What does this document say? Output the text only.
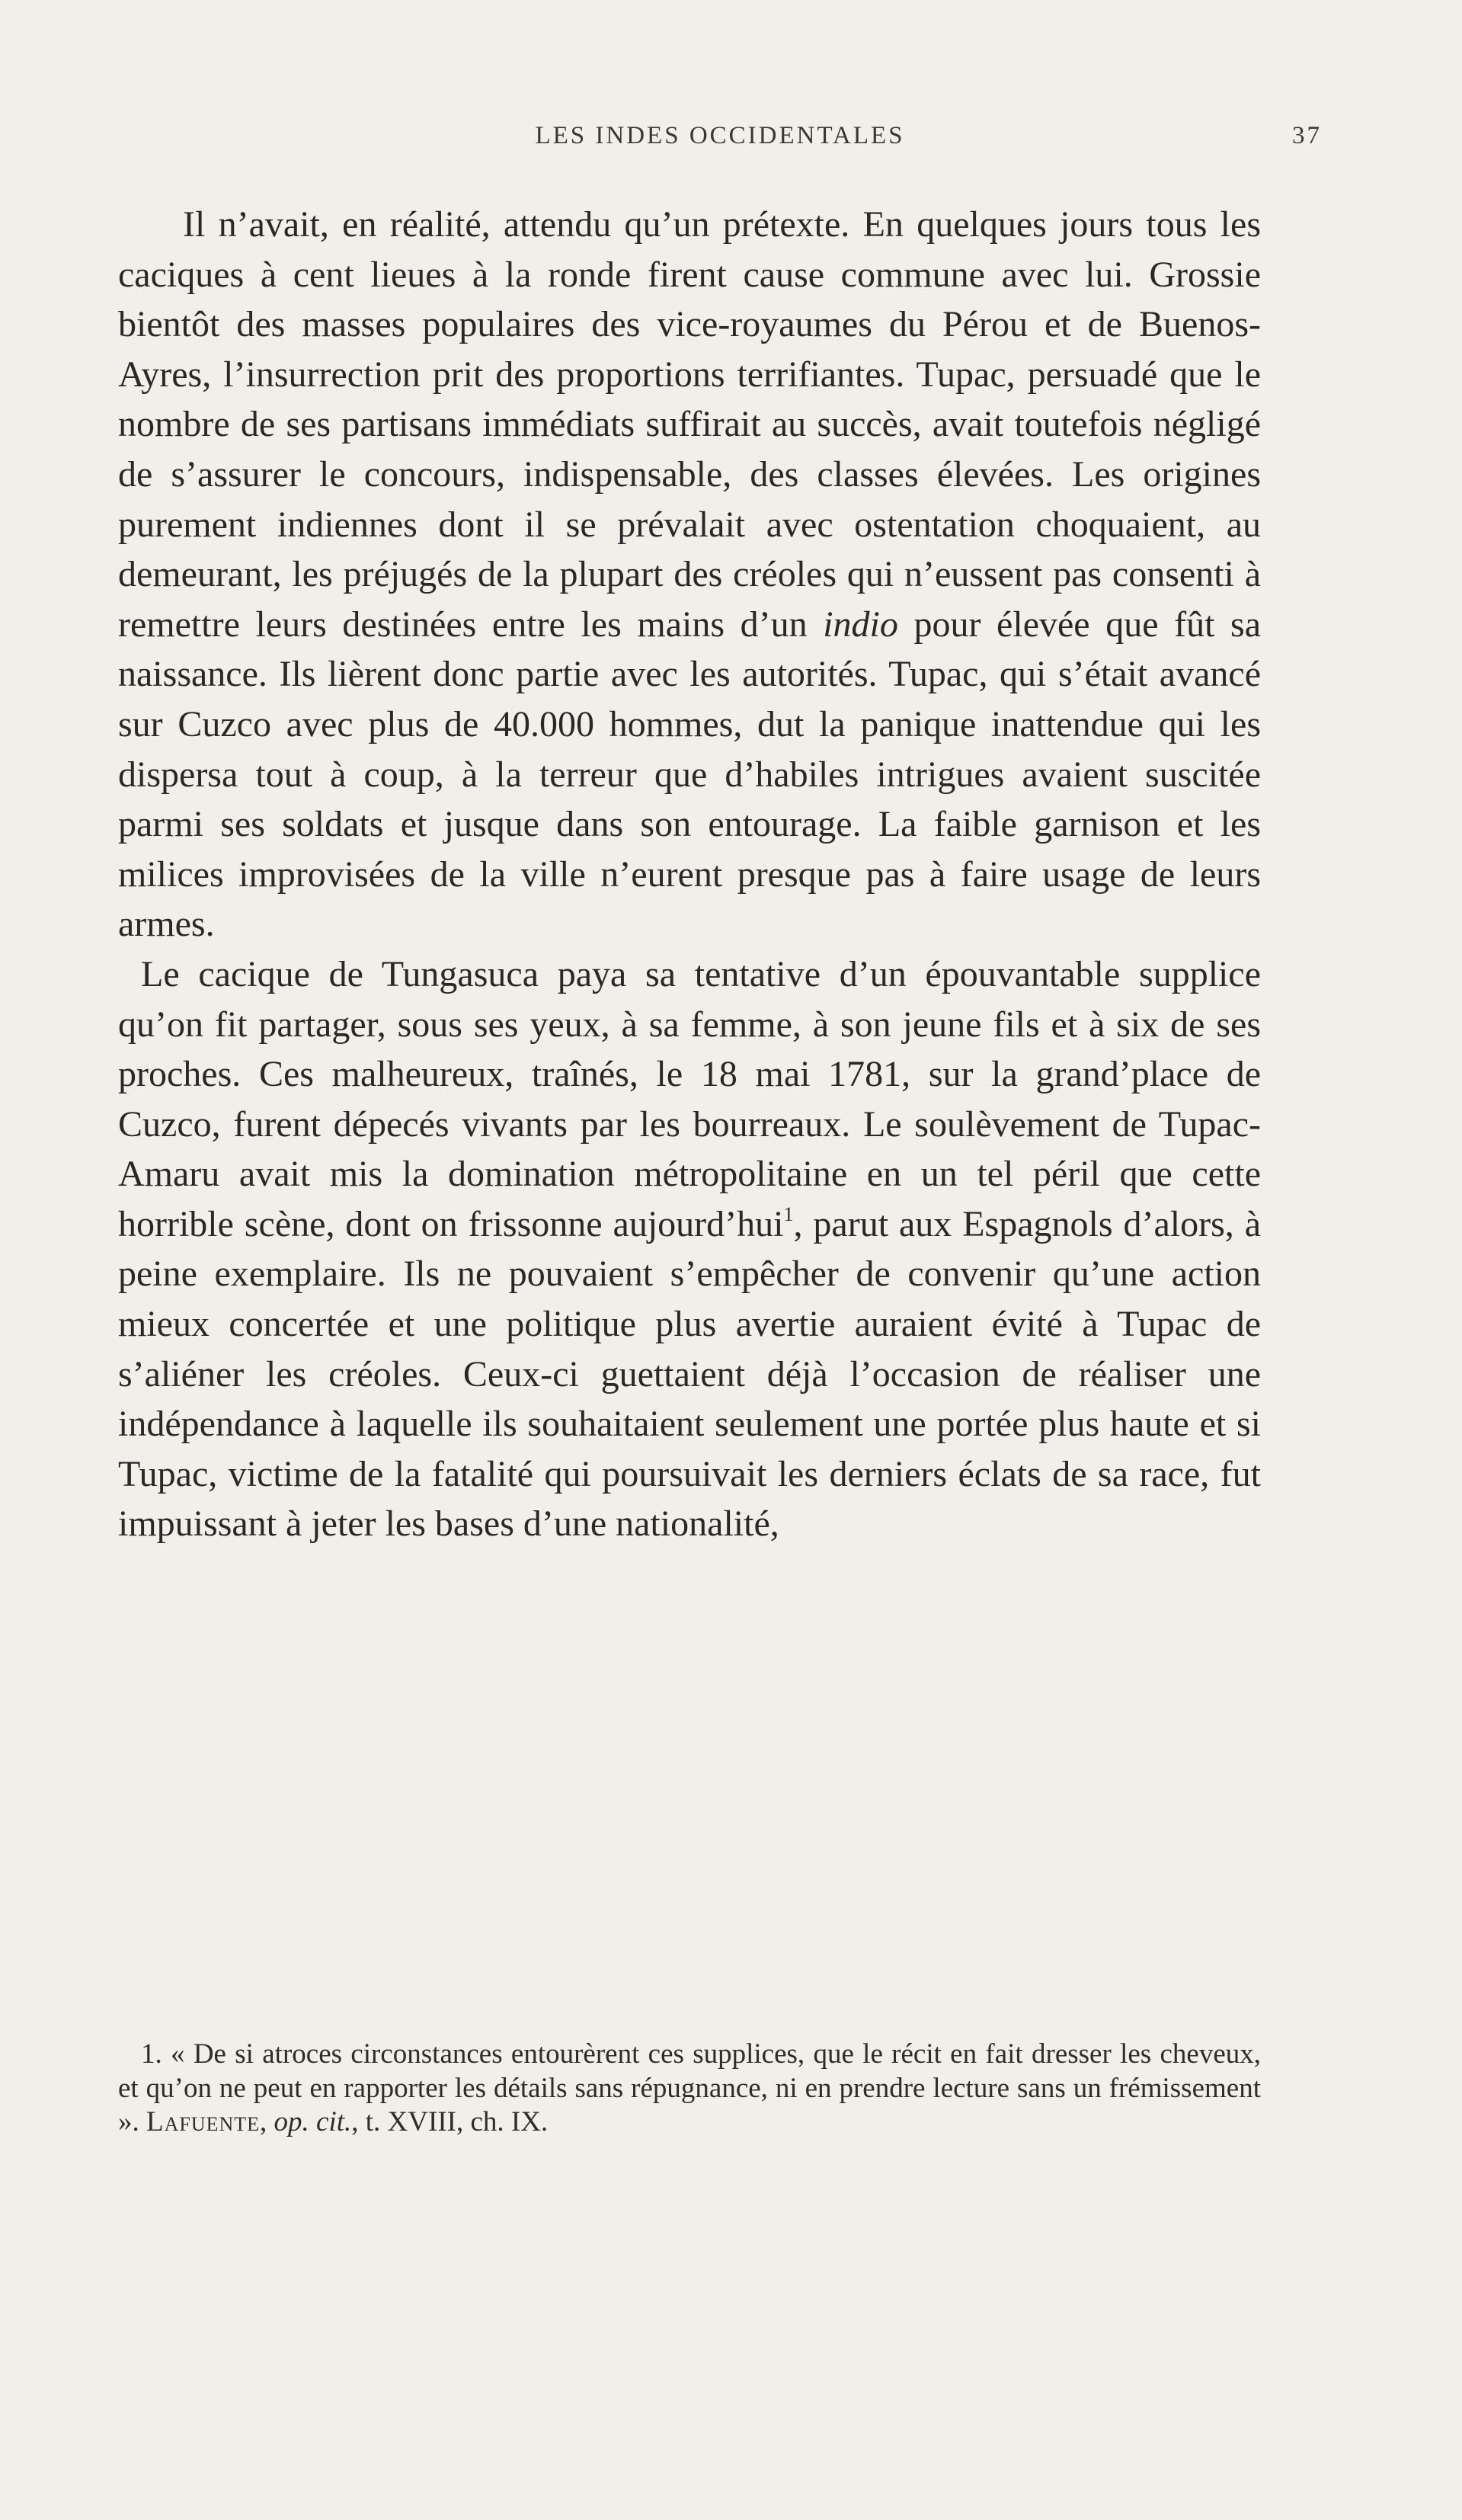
LES INDES OCCIDENTALES	37

Il n’avait, en réalité, attendu qu’un prétexte. En quelques jours tous les caciques à cent lieues à la ronde firent cause commune avec lui. Grossie bientôt des masses populaires des vice-royaumes du Pérou et de Buenos-Ayres, l’insurrection prit des proportions terrifiantes. Tupac, persuadé que le nombre de ses partisans immédiats suffirait au succès, avait toutefois négligé de s’assurer le concours, indispensable, des classes élevées. Les origines purement indiennes dont il se prévalait avec ostentation choquaient, au demeurant, les préjugés de la plupart des créoles qui n’eussent pas consenti à remettre leurs destinées entre les mains d’un indio pour élevée que fût sa naissance. Ils lièrent donc partie avec les autorités. Tupac, qui s’était avancé sur Cuzco avec plus de 40.000 hommes, dut la panique inattendue qui les dispersa tout à coup, à la terreur que d’habiles intrigues avaient suscitée parmi ses soldats et jusque dans son entourage. La faible garnison et les milices improvisées de la ville n’eurent presque pas à faire usage de leurs armes.

Le cacique de Tungasuca paya sa tentative d’un épouvantable supplice qu’on fit partager, sous ses yeux, à sa femme, à son jeune fils et à six de ses proches. Ces malheureux, traînés, le 18 mai 1781, sur la grand’place de Cuzco, furent dépecés vivants par les bourreaux. Le soulèvement de Tupac-Amaru avait mis la domination métropolitaine en un tel péril que cette horrible scène, dont on frissonne aujourd’hui$^1$, parut aux Espagnols d’alors, à peine exemplaire. Ils ne pouvaient s’empêcher de convenir qu’une action mieux concertée et une politique plus avertie auraient évité à Tupac de s’aliéner les créoles. Ceux-ci guettaient déjà l’occasion de réaliser une indépendance à laquelle ils souhaitaient seulement une portée plus haute et si Tupac, victime de la fatalité qui poursuivait les derniers éclats de sa race, fut impuissant à jeter les bases d’une nationalité,

1. « De si atroces circonstances entourèrent ces supplices, que le récit en fait dresser les cheveux, et qu’on ne peut en rapporter les détails sans répugnance, ni en prendre lecture sans un frémissement ». Lafuente, op. cit., t. XVIII, ch. IX.
